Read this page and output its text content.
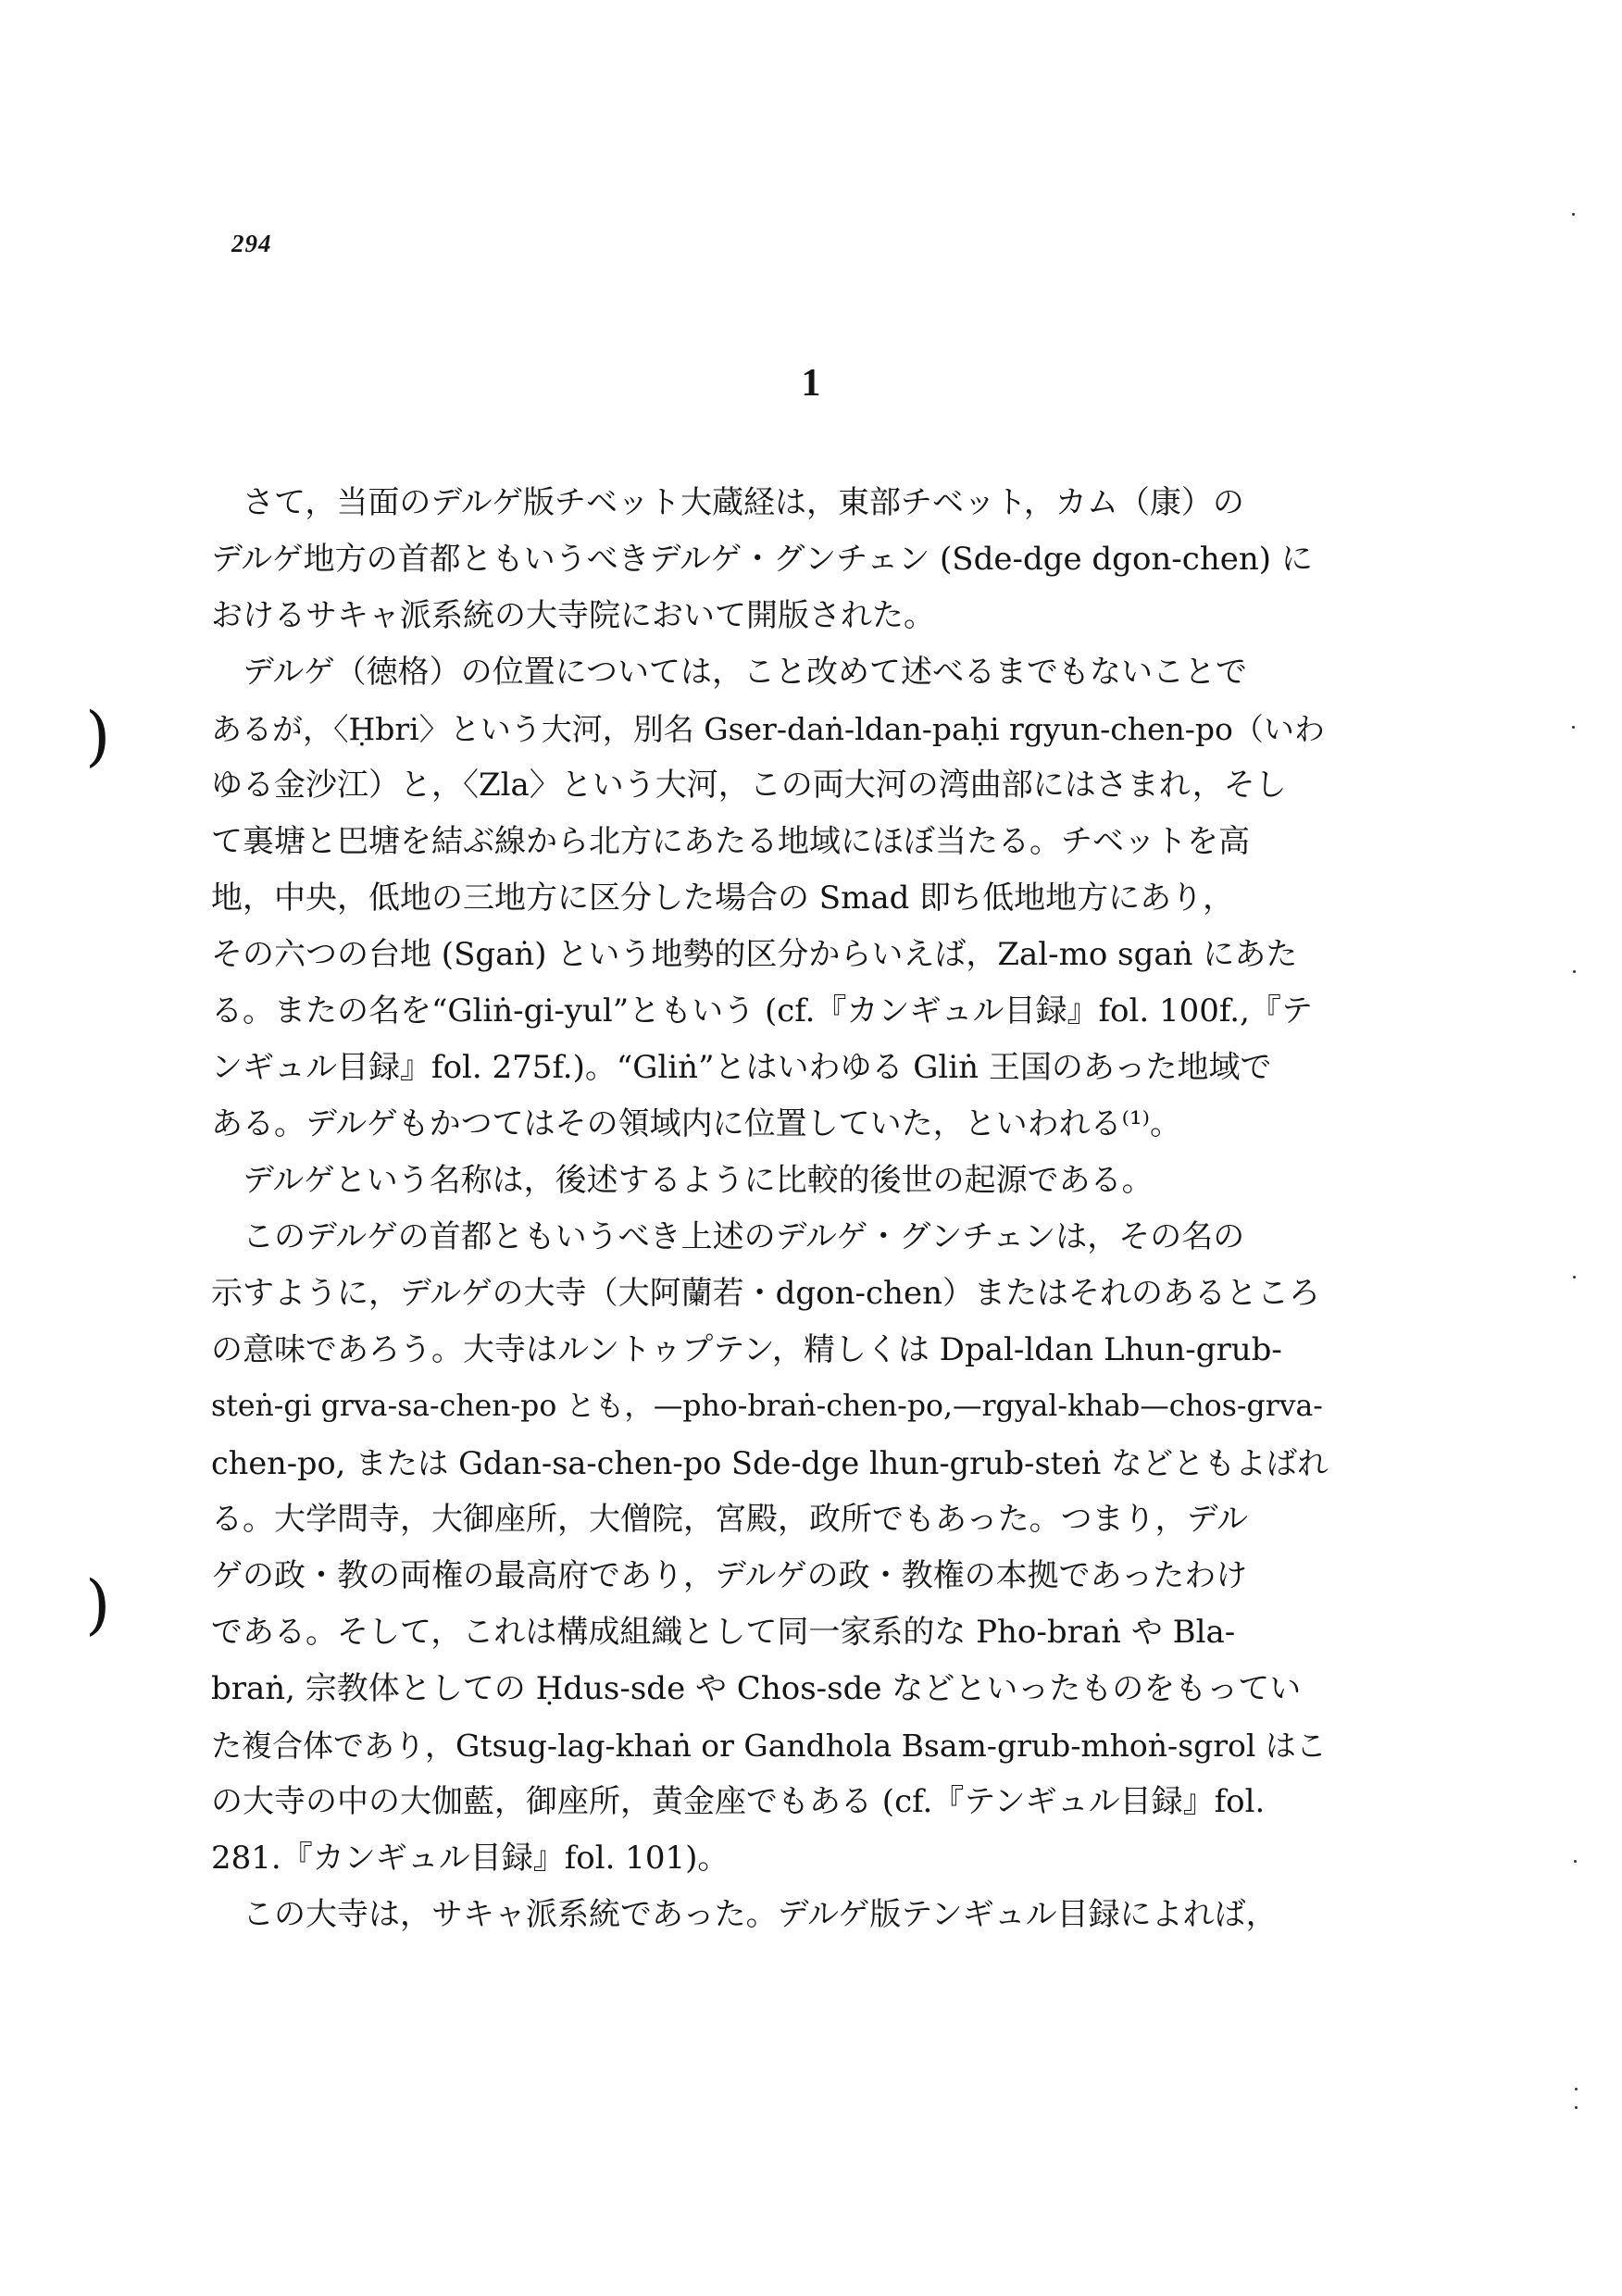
294
1
(
(
さて，当面のデルゲ版チベット大蔵経は，東部チベット，カム（康）の
デルゲ地方の首都ともいうべきデルゲ・グンチェン (Sde-dge dgon-chen) に
おけるサキャ派系統の大寺院において開版された。
デルゲ（徳格）の位置については，こと改めて述べるまでもないことで
あるが，〈Ḥbri〉という大河，別名 Gser-daṅ-ldan-paḥi rgyun-chen-po（いわ
ゆる金沙江）と，〈Zla〉という大河，この両大河の湾曲部にはさまれ，そし
て裏塘と巴塘を結ぶ線から北方にあたる地域にほぼ当たる。チベットを高
地，中央，低地の三地方に区分した場合の Smad 即ち低地地方にあり，
その六つの台地 (Sgaṅ) という地勢的区分からいえば，Zal-mo sgaṅ にあた
る。またの名を“Gliṅ-gi-yul”ともいう (cf.『カンギュル目録』fol. 100f.,『テ
ンギュル目録』fol. 275f.)。“Gliṅ”とはいわゆる Gliṅ 王国のあった地域で
ある。デルゲもかつてはその領域内に位置していた，といわれる⁽¹⁾。
デルゲという名称は，後述するように比較的後世の起源である。
このデルゲの首都ともいうべき上述のデルゲ・グンチェンは，その名の
示すように，デルゲの大寺（大阿蘭若・dgon-chen）またはそれのあるところ
の意味であろう。大寺はルントゥプテン，精しくは Dpal-ldan Lhun-grub-
steṅ-gi grva-sa-chen-po とも，—pho-braṅ-chen-po,—rgyal-khab—chos-grva-
chen-po, または Gdan-sa-chen-po Sde-dge lhun-grub-steṅ などともよばれ
る。大学問寺，大御座所，大僧院，宮殿，政所でもあった。つまり，デル
ゲの政・教の両権の最高府であり，デルゲの政・教権の本拠であったわけ
である。そして，これは構成組織として同一家系的な Pho-braṅ や Bla-
braṅ, 宗教体としての Ḥdus-sde や Chos-sde などといったものをもってい
た複合体であり，Gtsug-lag-khaṅ or Gandhola Bsam-grub-mhoṅ-sgrol はこ
の大寺の中の大伽藍，御座所，黄金座でもある (cf.『テンギュル目録』fol.
281.『カンギュル目録』fol. 101)。
この大寺は，サキャ派系統であった。デルゲ版テンギュル目録によれば，
